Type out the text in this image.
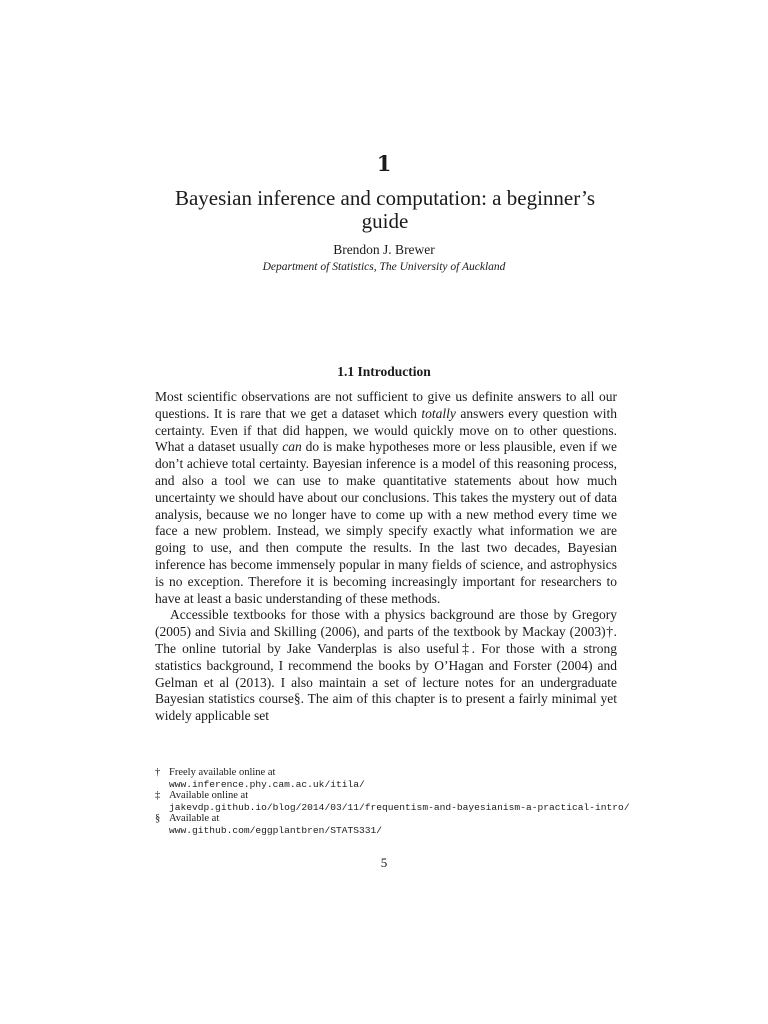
1
Bayesian inference and computation: a beginner’s guide
Brendon J. Brewer
Department of Statistics, The University of Auckland
1.1 Introduction

Most scientific observations are not sufficient to give us definite answers to all our questions. It is rare that we get a dataset which totally answers every question with certainty. Even if that did happen, we would quickly move on to other questions. What a dataset usually can do is make hypotheses more or less plausible, even if we don’t achieve total certainty. Bayesian inference is a model of this reasoning process, and also a tool we can use to make quantitative statements about how much uncertainty we should have about our conclusions. This takes the mystery out of data analysis, because we no longer have to come up with a new method every time we face a new problem. Instead, we simply specify exactly what information we are going to use, and then compute the results. In the last two decades, Bayesian inference has become immensely popular in many fields of science, and astrophysics is no exception. Therefore it is becoming increasingly important for researchers to have at least a basic understanding of these methods.

Accessible textbooks for those with a physics background are those by Gregory (2005) and Sivia and Skilling (2006), and parts of the textbook by Mackay (2003)†. The online tutorial by Jake Vanderplas is also useful‡. For those with a strong statistics background, I recommend the books by O’Hagan and Forster (2004) and Gelman et al (2013). I also maintain a set of lecture notes for an undergraduate Bayesian statistics course§. The aim of this chapter is to present a fairly minimal yet widely applicable set

† Freely available online at
www.inference.phy.cam.ac.uk/itila/
‡ Available online at
jakevdp.github.io/blog/2014/03/11/frequentism-and-bayesianism-a-practical-intro/
§ Available at
www.github.com/eggplantbren/STATS331/
5
